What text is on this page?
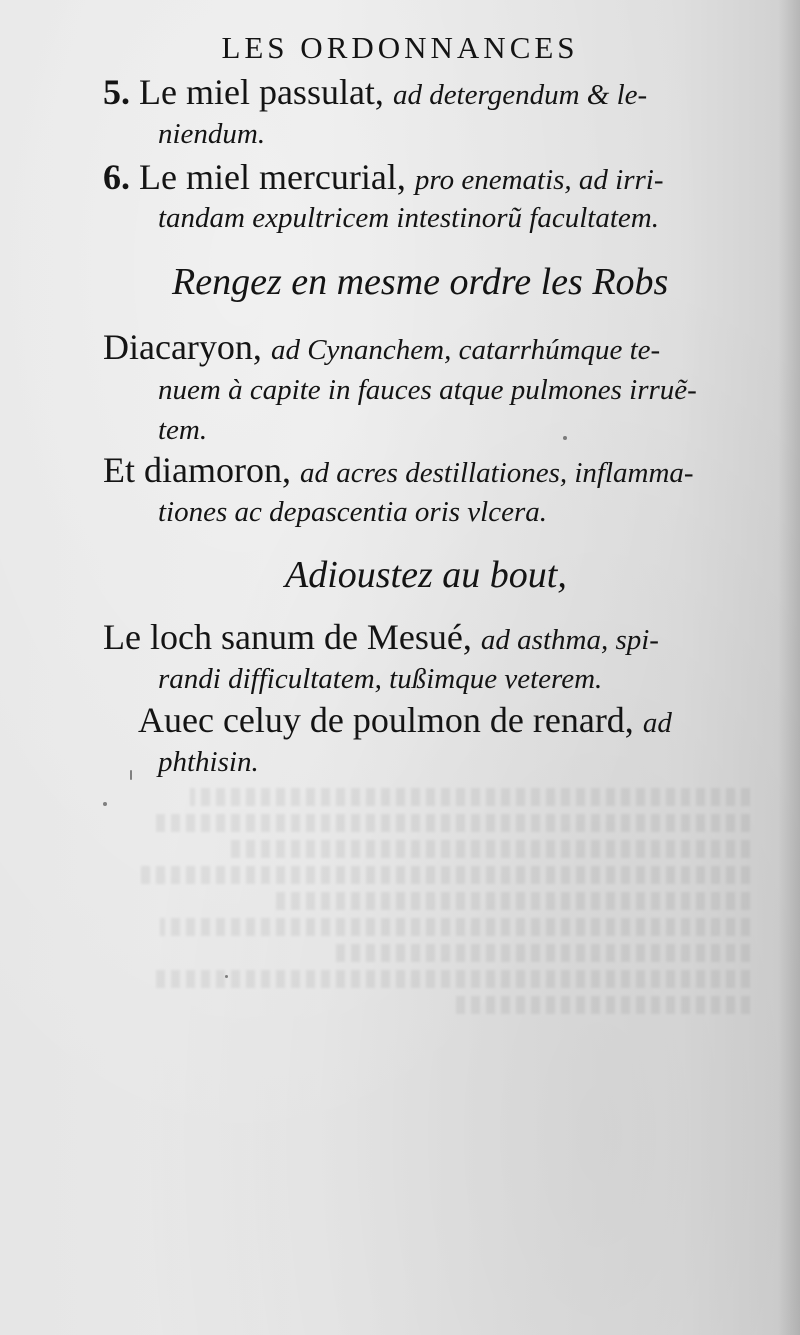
LES ORDONNANCES
5. Le miel passulat, ad detergendum & le-
niendum.
6. Le miel mercurial, pro enematis, ad irri-
tandam expultricem intestinorũ facultatem.
Rengez en mesme ordre les Robs
Diacaryon, ad Cynanchem, catarrhúmque te-
nuem à capite in fauces atque pulmones irruẽ-
tem.
Et diamoron, ad acres destillationes, inflamma-
tiones ac depascentia oris vlcera.
Adioustez au bout,
Le loch sanum de Mesué, ad asthma, spi-
randi difficultatem, tußimque veterem.
Auec celuy de poulmon de renard, ad
phthisin.
